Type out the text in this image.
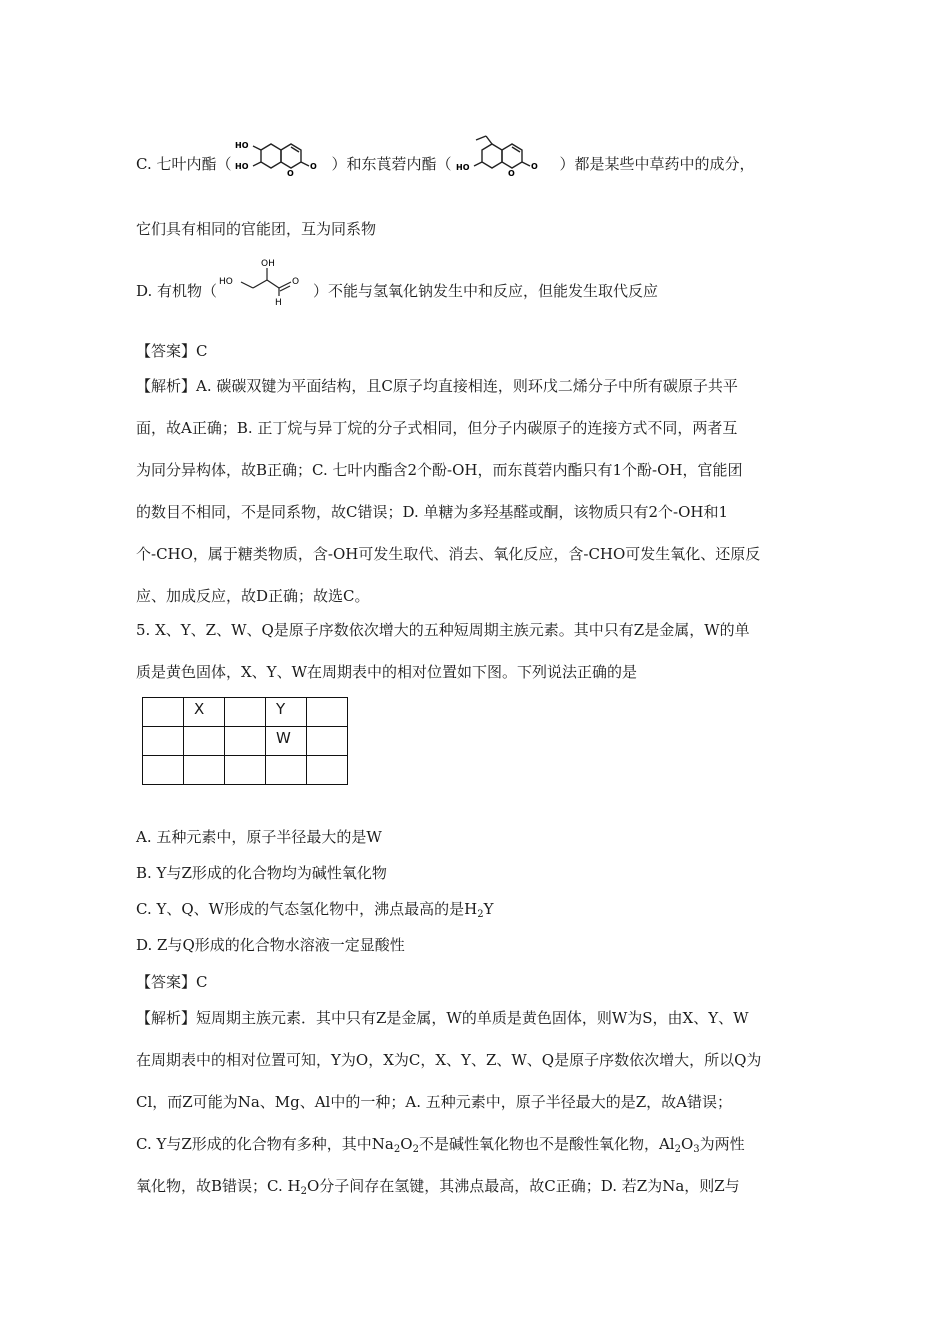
C. 七叶内酯（
HO
HO
O
O ）和东莨菪内酯（ HO
O
O ）都是某些中草药中的成分，
它们具有相同的官能团，互为同系物
D. 有机物（
OH
HO	O
H
）不能与氢氧化钠发生中和反应，但能发生取代反应
【答案】C
【解析】A. 碳碳双键为平面结构，且C原子均直接相连，则环戊二烯分子中所有碳原子共平
面，故A正确；B. 正丁烷与异丁烷的分子式相同，但分子内碳原子的连接方式不同，两者互
为同分异构体，故B正确；C. 七叶内酯含2个酚-OH，而东莨菪内酯只有1个酚-OH，官能团
的数目不相同，不是同系物，故C错误；D. 单糖为多羟基醛或酮，该物质只有2个-OH和1
个-CHO，属于糖类物质，含-OH可发生取代、消去、氧化反应，含-CHO可发生氧化、还原反
应、加成反应，故D正确；故选C。
5. X、Y、Z、W、Q是原子序数依次增大的五种短周期主族元素。其中只有Z是金属，W的单
质是黄色固体，X、Y、W在周期表中的相对位置如下图。下列说法正确的是
	X		Y	
			W	

A. 五种元素中，原子半径最大的是W
B. Y与Z形成的化合物均为碱性氧化物
C. Y、Q、W形成的气态氢化物中，沸点最高的是$H_2Y$
D. Z与Q形成的化合物水溶液一定显酸性
【答案】C
【解析】短周期主族元素．其中只有Z是金属，W的单质是黄色固体，则W为S，由X、Y、W
在周期表中的相对位置可知，Y为O，X为C，X、Y、Z、W、Q是原子序数依次增大，所以Q为
Cl，而Z可能为Na、Mg、Al中的一种；A. 五种元素中，原子半径最大的是Z，故A错误；
C. Y与Z形成的化合物有多种，其中$Na_2O_2$不是碱性氧化物也不是酸性氧化物，$Al_2O_3$为两性
氧化物，故B错误；C. $H_2O$分子间存在氢键，其沸点最高，故C正确；D. 若Z为Na，则Z与
